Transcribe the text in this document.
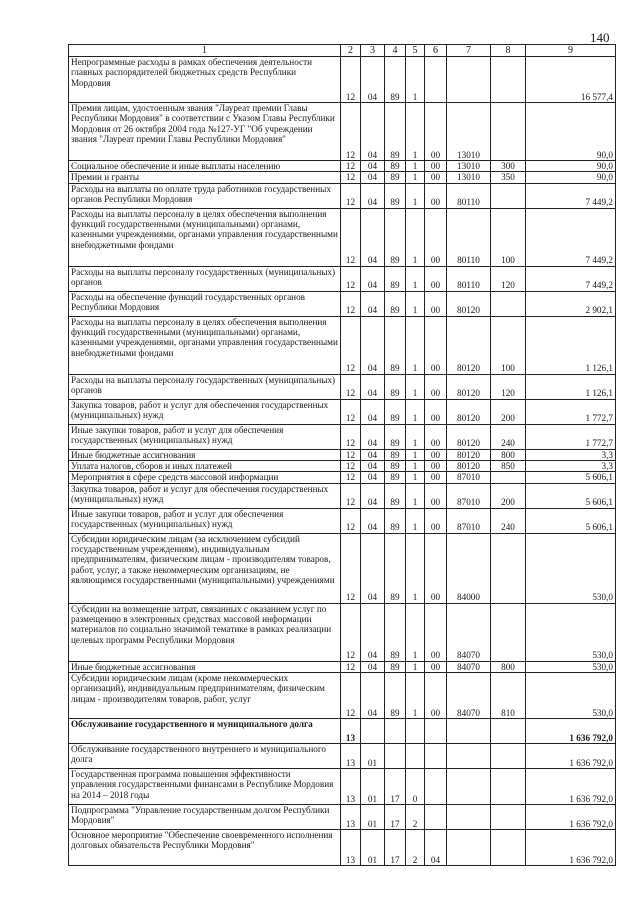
140
1	2	3	4	5	6	7	8	9
Непрограммные расходы в рамках обеспечения деятельности главных распорядителей бюджетных средств Республики Мордовия	12	04	89	1				16 577,4
Премия лицам, удостоенным звания "Лауреат премии Главы Республики Мордовия" в соответствии с Указом Главы Республики Мордовия от 26 октября 2004 года №127-УГ "Об учреждении звания "Лауреат премии Главы Республики Мордовия"	12	04	89	1	00	13010		90,0
Социальное обеспечение и иные выплаты населению	12	04	89	1	00	13010	300	90,0
Премии и гранты	12	04	89	1	00	13010	350	90,0
Расходы на выплаты по оплате труда работников государственных органов Республики Мордовия	12	04	89	1	00	80110		7 449,2
Расходы на выплаты персоналу в целях обеспечения выполнения функций государственными (муниципальными) органами, казенными учреждениями, органами управления государственными внебюджетными фондами	12	04	89	1	00	80110	100	7 449,2
Расходы на выплаты персоналу государственных (муниципальных) органов	12	04	89	1	00	80110	120	7 449,2
Расходы на обеспечение функций государственных органов Республики Мордовия	12	04	89	1	00	80120		2 902,1
Расходы на выплаты персоналу в целях обеспечения выполнения функций государственными (муниципальными) органами, казенными учреждениями, органами управления государственными внебюджетными фондами	12	04	89	1	00	80120	100	1 126,1
Расходы на выплаты персоналу государственных (муниципальных) органов	12	04	89	1	00	80120	120	1 126,1
Закупка товаров, работ и услуг для обеспечения государственных (муниципальных) нужд	12	04	89	1	00	80120	200	1 772,7
Иные закупки товаров, работ и услуг для обеспечения государственных (муниципальных) нужд	12	04	89	1	00	80120	240	1 772,7
Иные бюджетные ассигнования	12	04	89	1	00	80120	800	3,3
Уплата налогов, сборов и иных платежей	12	04	89	1	00	80120	850	3,3
Мероприятия в сфере средств массовой информации	12	04	89	1	00	87010		5 606,1
Закупка товаров, работ и услуг для обеспечения государственных (муниципальных) нужд	12	04	89	1	00	87010	200	5 606,1
Иные закупки товаров, работ и услуг для обеспечения государственных (муниципальных) нужд	12	04	89	1	00	87010	240	5 606,1
Субсидии юридическим лицам (за исключением субсидий государственным учреждениям), индивидуальным предпринимателям, физическим лицам - производителям товаров, работ, услуг, а также некоммерческим организациям, не являющимся государственными (муниципальными) учреждениями	12	04	89	1	00	84000		530,0
Субсидии на возмещение затрат, связанных с оказанием услуг по размещению в электронных средствах массовой информации материалов по социально значимой тематике в рамках реализации целевых программ Республики Мордовия	12	04	89	1	00	84070		530,0
Иные бюджетные ассигнования	12	04	89	1	00	84070	800	530,0
Субсидии юридическим лицам (кроме некоммерческих организаций), индивидуальным предпринимателям, физическим лицам - производителям товаров, работ, услуг	12	04	89	1	00	84070	810	530,0
Обслуживание государственного и муниципального долга	13							1 636 792,0
Обслуживание государственного внутреннего и муниципального долга	13	01						1 636 792,0
Государственная программа повышения эффективности управления государственными финансами в Республике Мордовия на 2014 – 2018 годы	13	01	17	0				1 636 792,0
Подпрограмма "Управление государственным долгом Республики Мордовия"	13	01	17	2				1 636 792,0
Основное мероприятие "Обеспечение своевременного исполнения долговых обязательств Республики Мордовия"	13	01	17	2	04			1 636 792,0
